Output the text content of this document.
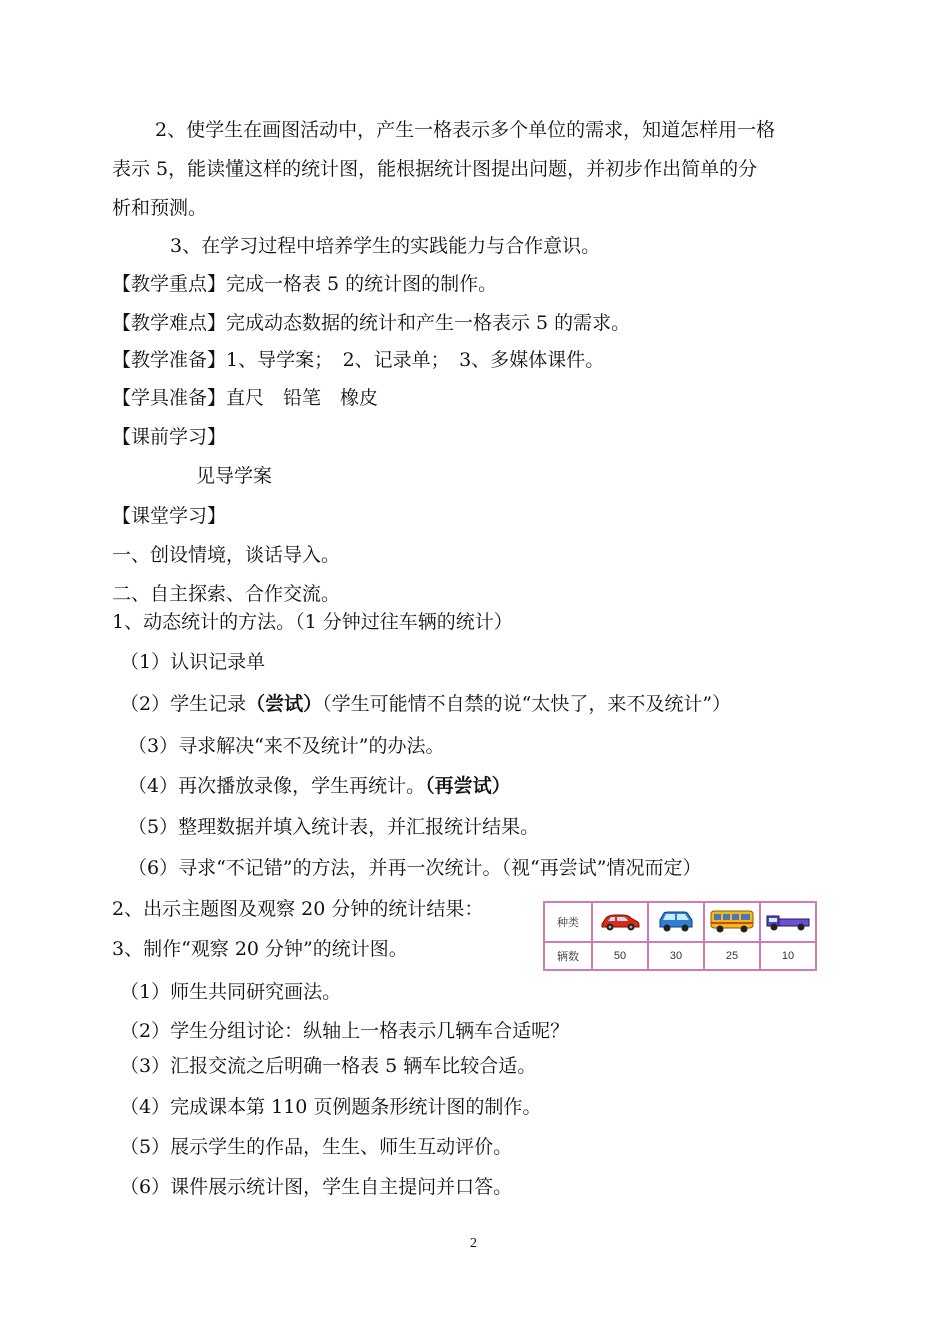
2、使学生在画图活动中，产生一格表示多个单位的需求，知道怎样用一格
表示 5，能读懂这样的统计图，能根据统计图提出问题，并初步作出简单的分
析和预测。
3、在学习过程中培养学生的实践能力与合作意识。
【教学重点】完成一格表 5 的统计图的制作。
【教学难点】完成动态数据的统计和产生一格表示 5 的需求。
【教学准备】1、导学案；　2、记录单；　3、多媒体课件。
【学具准备】直尺　铅笔　橡皮
【课前学习】
见导学案
【课堂学习】
一、创设情境，谈话导入。
二、自主探索、合作交流。
1、动态统计的方法。（1 分钟过往车辆的统计）
（1）认识记录单
（2）学生记录（尝试）（学生可能情不自禁的说“太快了，来不及统计”）
（3）寻求解决“来不及统计”的办法。
（4）再次播放录像，学生再统计。（再尝试）
（5）整理数据并填入统计表，并汇报统计结果。
（6）寻求“不记错”的方法，并再一次统计。（视“再尝试”情况而定）
2、出示主题图及观察 20 分钟的统计结果：
3、制作“观察 20 分钟”的统计图。
（1）师生共同研究画法。
（2）学生分组讨论：纵轴上一格表示几辆车合适呢？
（3）汇报交流之后明确一格表 5 辆车比较合适。
（4）完成课本第 110 页例题条形统计图的制作。
（5）展示学生的作品，生生、师生互动评价。
（6）课件展示统计图，学生自主提问并口答。
种类				
辆数	50	30	25	10
2
